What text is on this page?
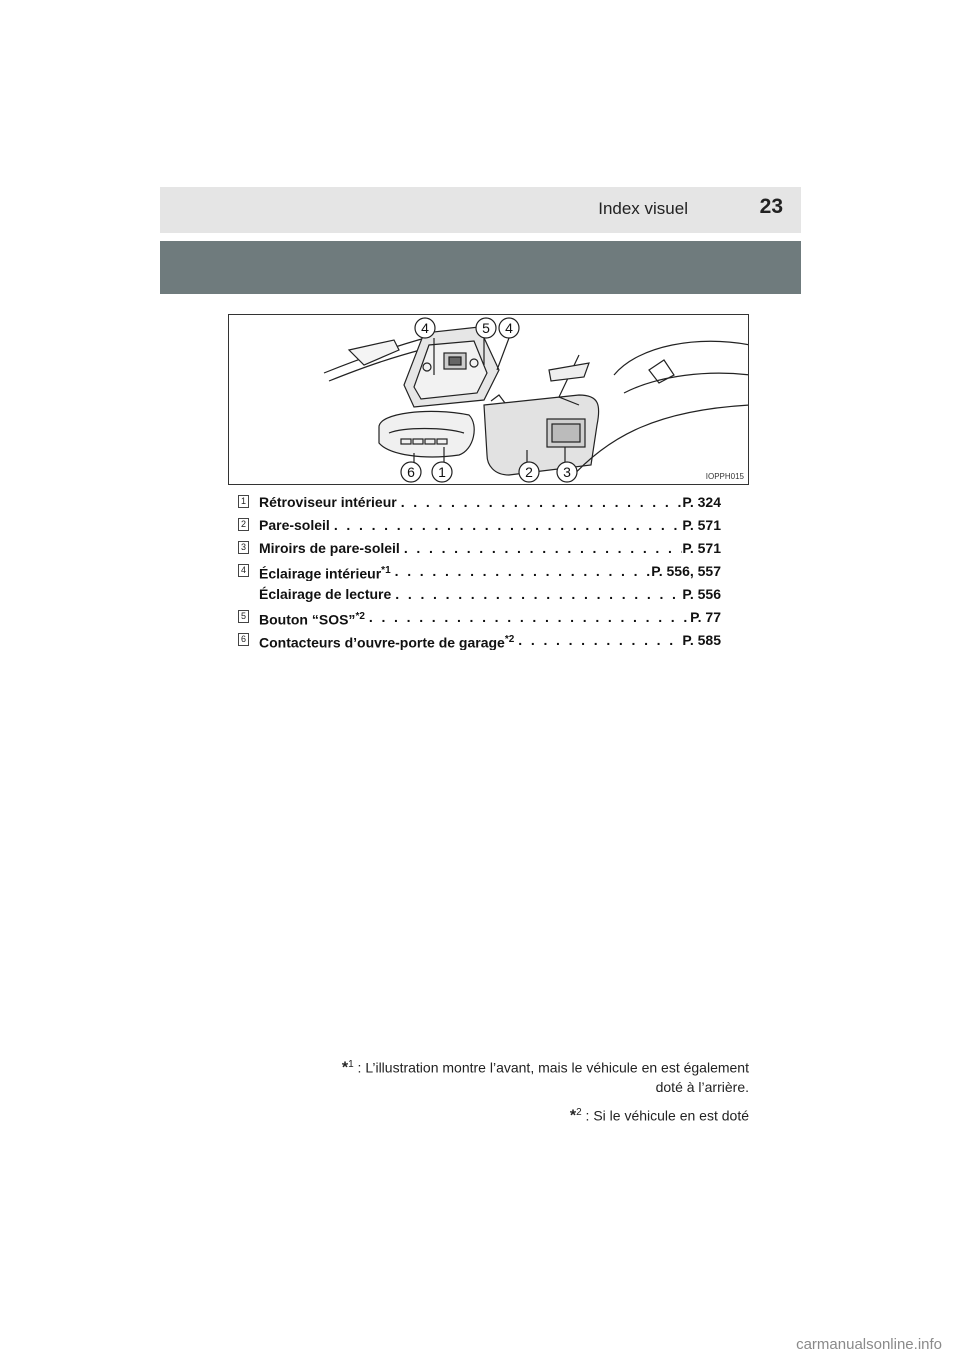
Index visuel	23
4	5 4
6 1	2 3	IOPPH015
1 Rétroviseur intérieur . . .	P. 324
2 Pare-soleil . . .	P. 571
3 Miroirs de pare-soleil . . .	P. 571
4 Éclairage intérieur$^{*1}$ . . .	P. 556, 557
Éclairage de lecture . . .	P. 556
5 Bouton “SOS”$^{*2}$ . . .	P. 77
6 Contacteurs d’ouvre-porte de garage$^{*2}$ . . .	P. 585

*$^1$ : L’illustration montre l’avant, mais le véhicule en est également
doté à l’arrière.

*$^2$ : Si le véhicule en est doté

carmanualsonline.info
